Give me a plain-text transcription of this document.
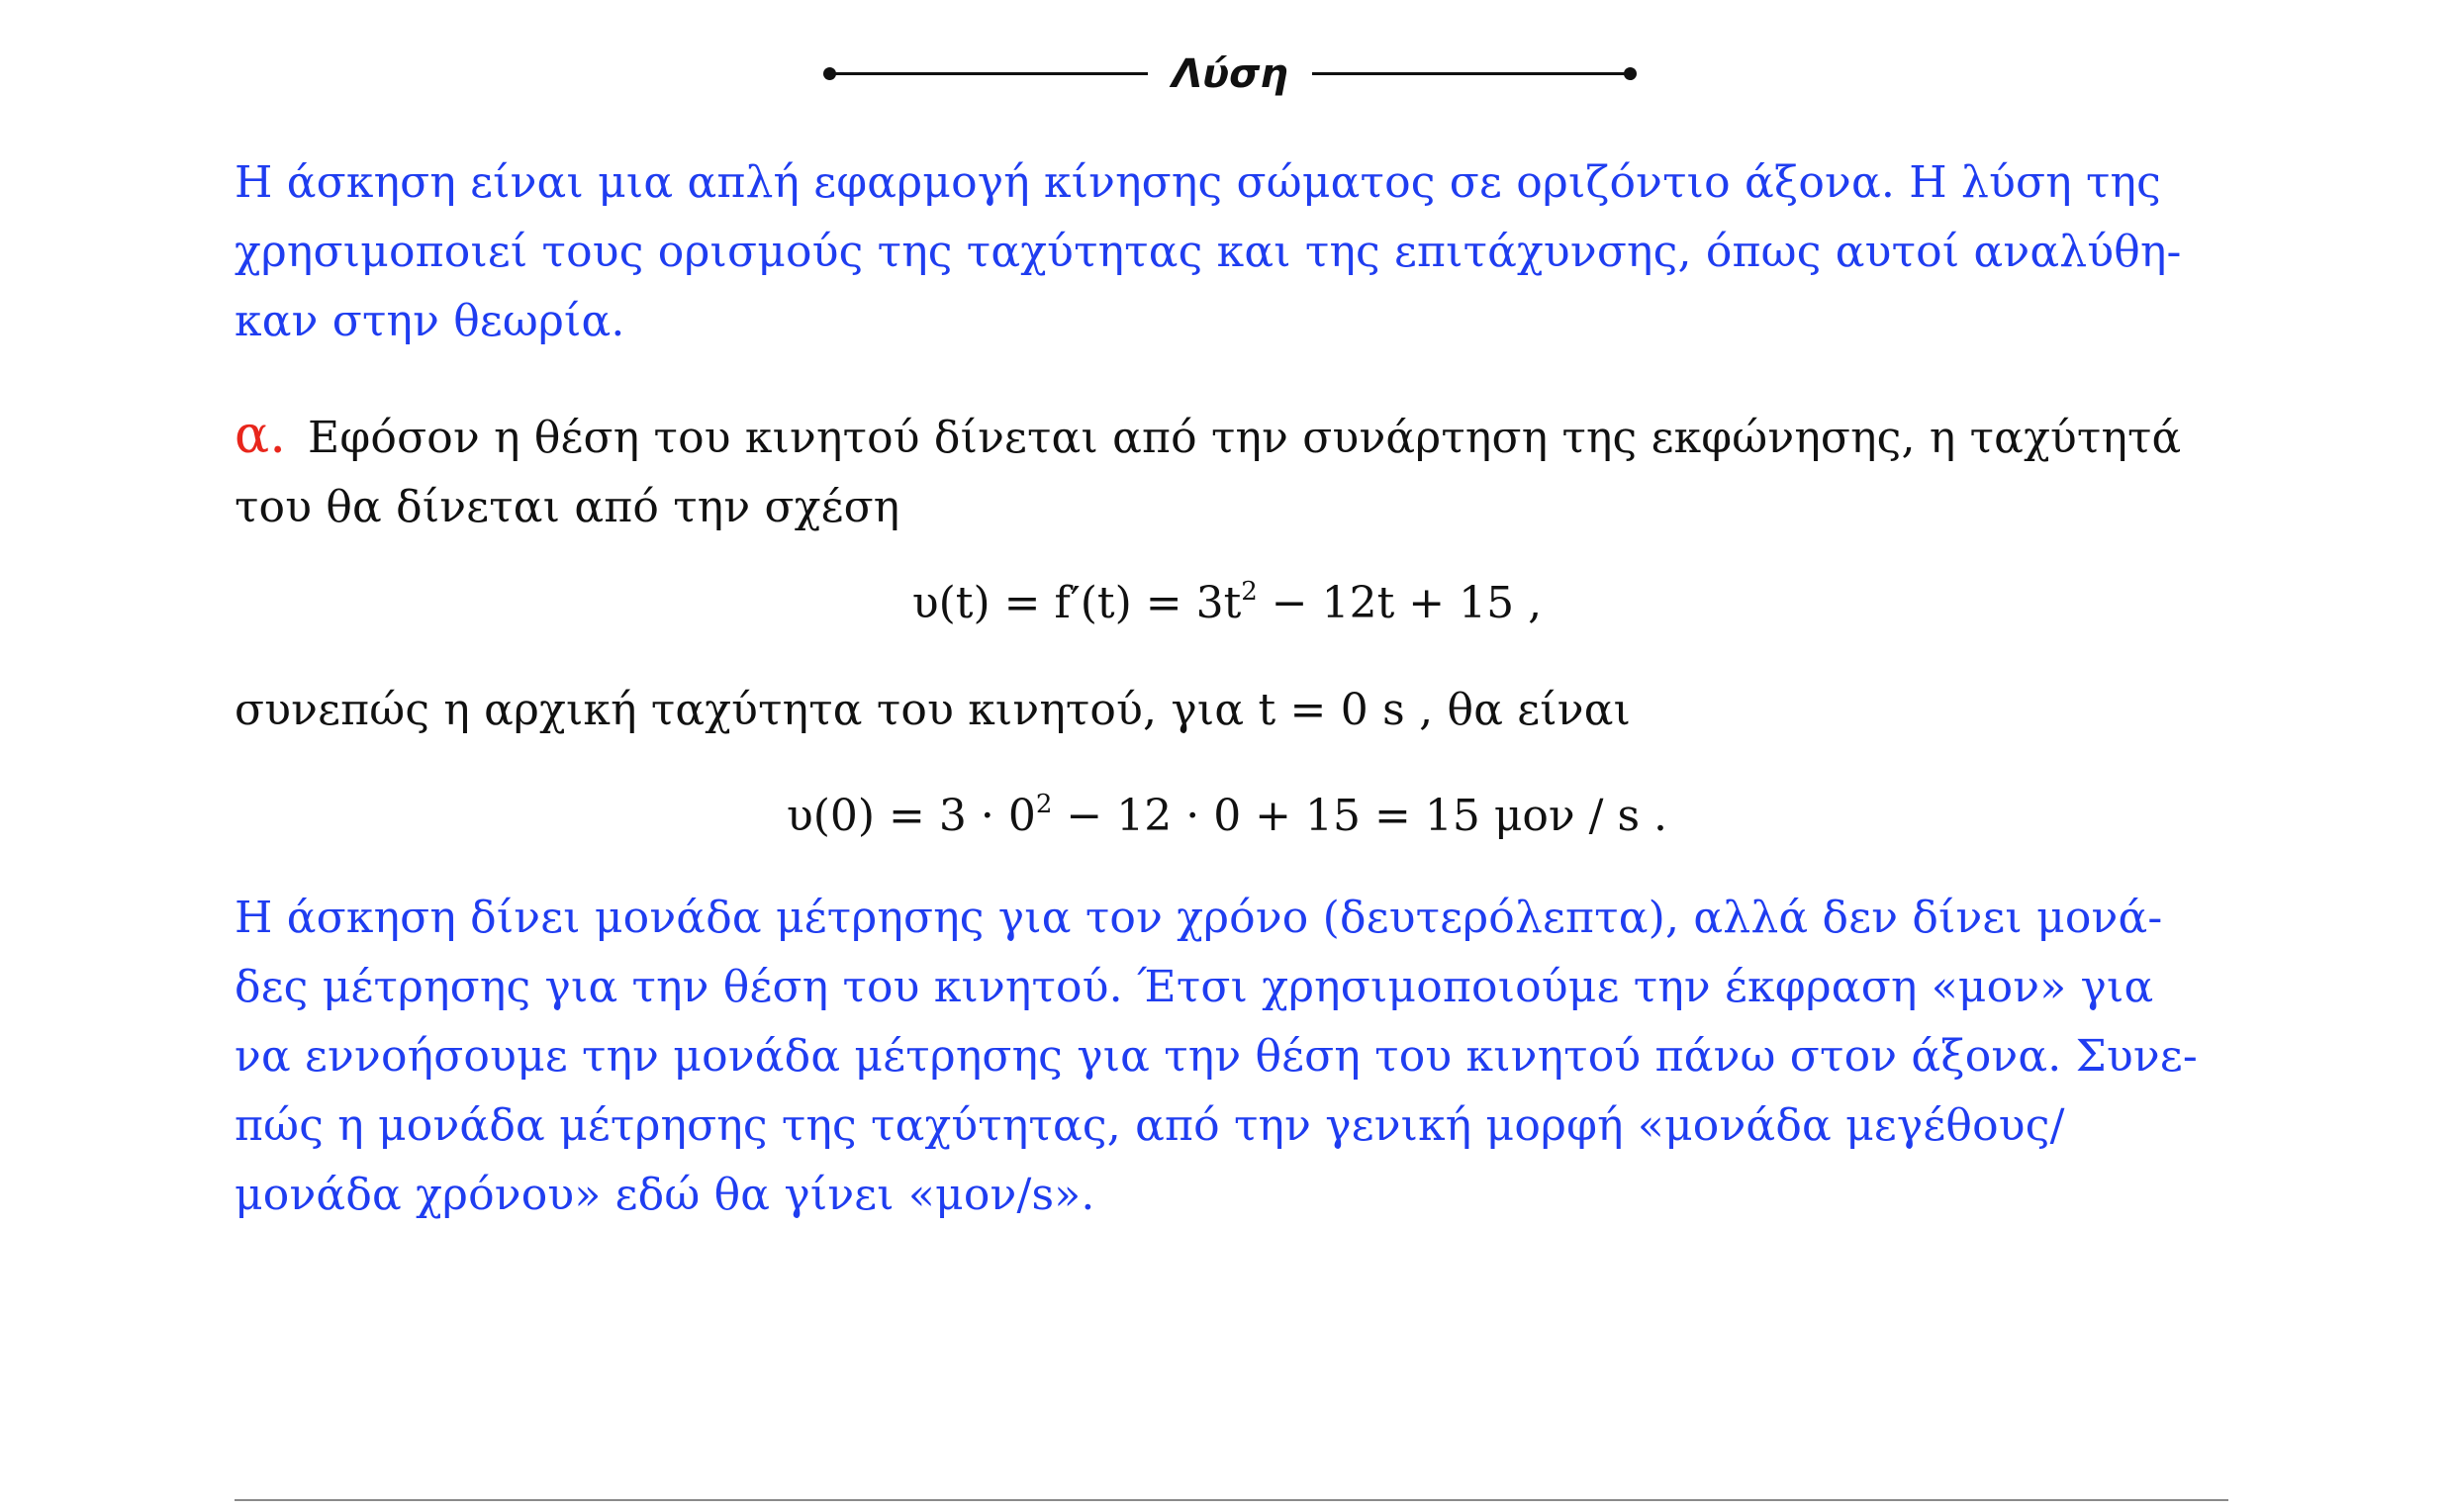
Λύση
Η άσκηση είναι μια απλή εφαρμογή κίνησης σώματος σε οριζόντιο άξονα. Η λύση της
χρησιμοποιεί τους ορισμούς της ταχύτητας και της επιτάχυνσης, όπως αυτοί αναλύθη-
καν στην θεωρία.
α. Εφόσον η θέση του κινητού δίνεται από την συνάρτηση της εκφώνησης, η ταχύτητά
του θα δίνεται από την σχέση
$\upsilon(t) = f'(t) = 3t^2 - 12t + 15$ ,
συνεπώς η αρχική ταχύτητα του κινητού, για t = 0 s , θα είναι
$\upsilon(0) = 3 \cdot 0^2 - 12 \cdot 0 + 15 = 15$ μον / s .
Η άσκηση δίνει μονάδα μέτρησης για τον χρόνο (δευτερόλεπτα), αλλά δεν δίνει μονά-
δες μέτρησης για την θέση του κινητού. Έτσι χρησιμοποιούμε την έκφραση «μον» για
να εννοήσουμε την μονάδα μέτρησης για την θέση του κινητού πάνω στον άξονα. Συνε-
πώς η μονάδα μέτρησης της ταχύτητας, από την γενική μορφή «μονάδα μεγέθους/
μονάδα χρόνου» εδώ θα γίνει «μον/s».
